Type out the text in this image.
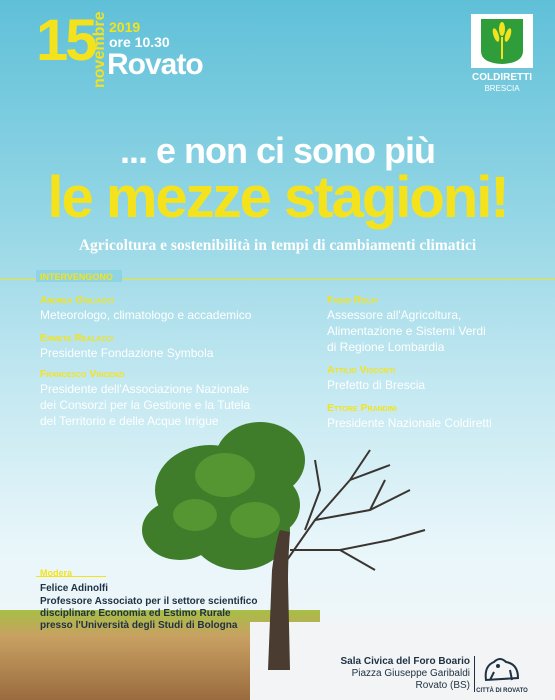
15
novembre 2019
ore 10.30
Rovato	COLDIRETTI
BRESCIA
... e non ci sono più
le mezze stagioni!
Agricoltura e sostenibilità in tempi di cambiamenti climatici
INTERVENGONO
Andrea Giuliacci
Meteorologo, climatologo e accademico
Ermete Realacci
Presidente Fondazione Symbola
Francesco Vincenzi
Presidente dell'Associazione Nazionale
dei Consorzi per la Gestione e la Tutela
del Territorio e delle Acque Irrigue
Fabio Rolfi
Assessore all'Agricoltura,
Alimentazione e Sistemi Verdi
di Regione Lombardia
Attilio Visconti
Prefetto di Brescia
Ettore Prandini
Presidente Nazionale Coldiretti
Modera
Felice Adinolfi
Professore Associato per il settore scientifico
disciplinare Economia ed Estimo Rurale
presso l'Università degli Studi di Bologna
Sala Civica del Foro Boario
Piazza Giuseppe Garibaldi
Rovato (BS)	CITTÀ DI ROVATO
